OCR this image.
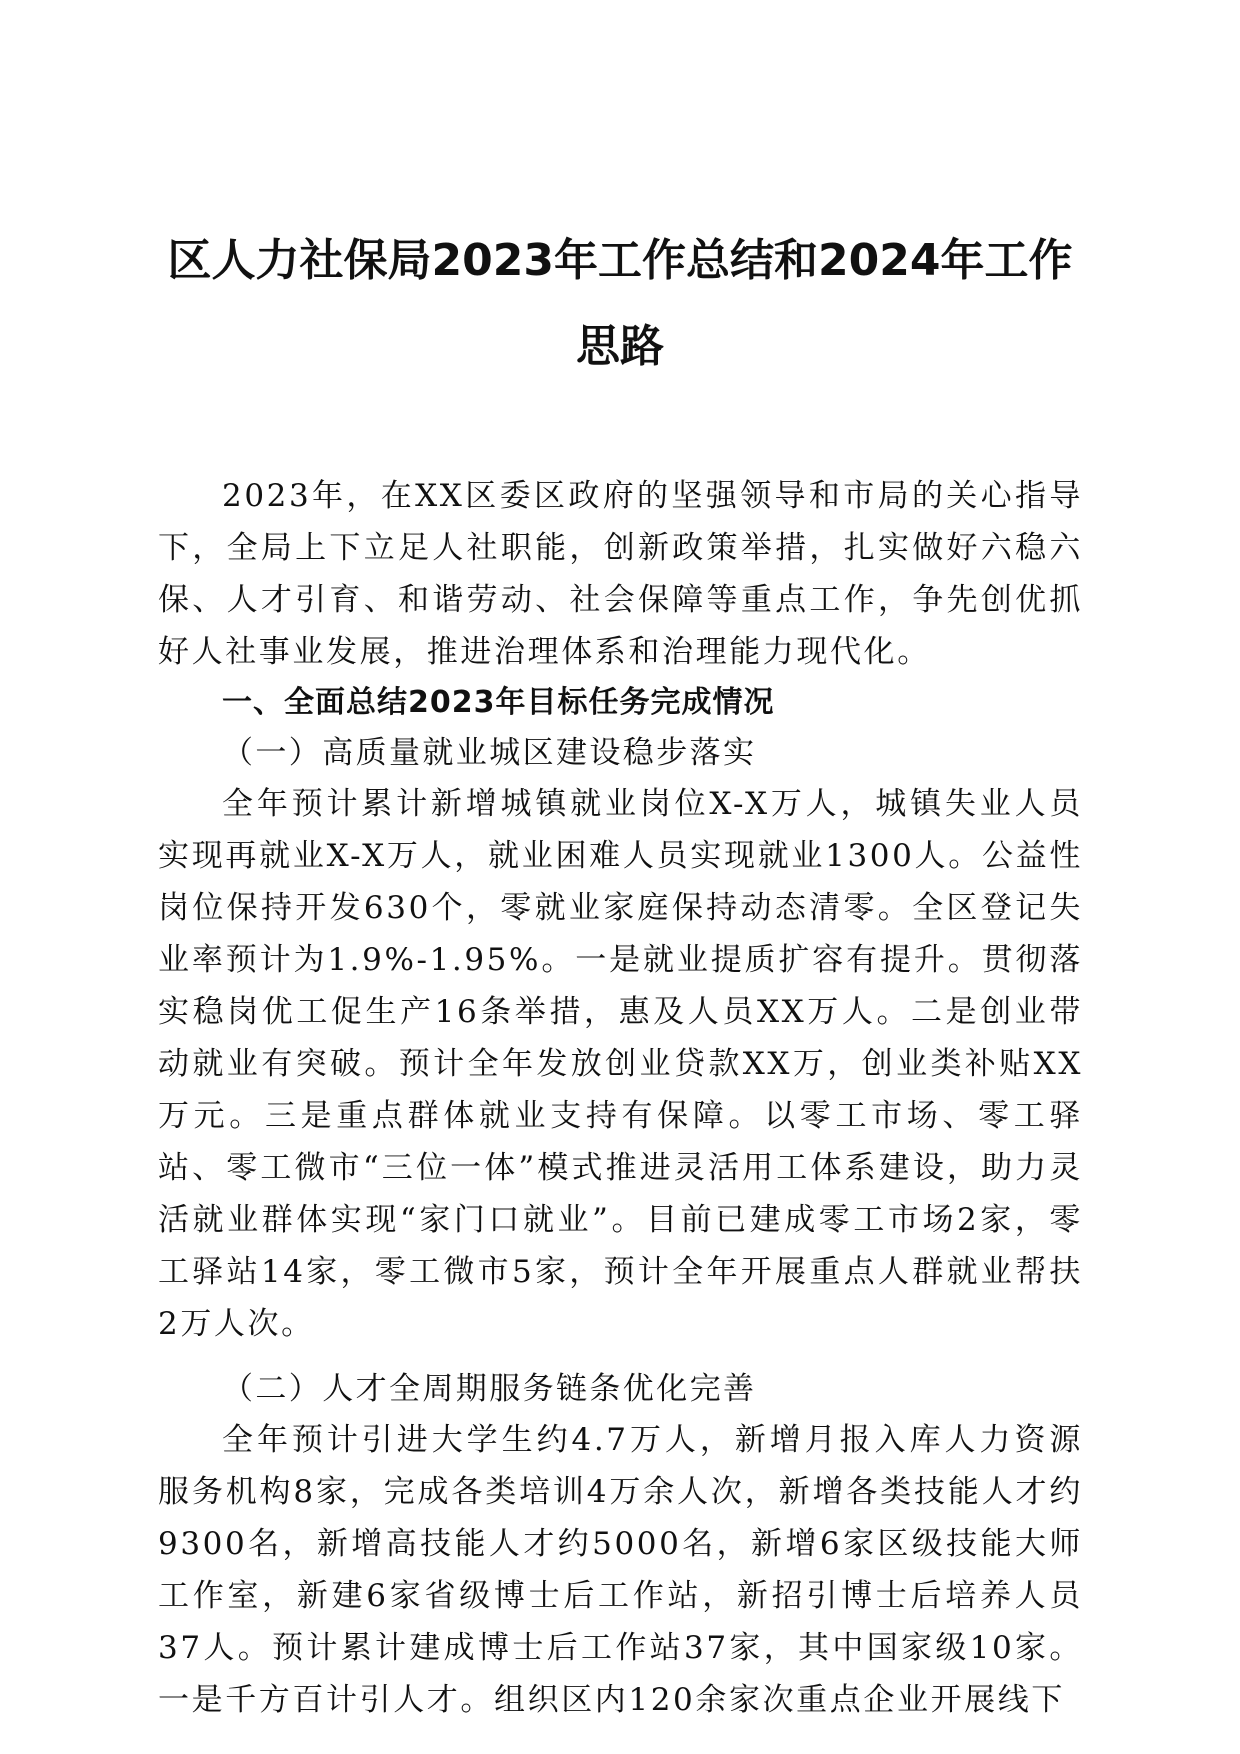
区人力社保局2023年工作总结和2024年工作
思路

2023年，在XX区委区政府的坚强领导和市局的关心指导下，全局上下立足人社职能，创新政策举措，扎实做好六稳六保、人才引育、和谐劳动、社会保障等重点工作，争先创优抓好人社事业发展，推进治理体系和治理能力现代化。

一、全面总结2023年目标任务完成情况

（一）高质量就业城区建设稳步落实

全年预计累计新增城镇就业岗位X-X万人，城镇失业人员实现再就业X-X万人，就业困难人员实现就业1300人。公益性岗位保持开发630个，零就业家庭保持动态清零。全区登记失业率预计为1.9%-1.95%。一是就业提质扩容有提升。贯彻落实稳岗优工促生产16条举措，惠及人员XX万人。二是创业带动就业有突破。预计全年发放创业贷款XX万，创业类补贴XX万元。三是重点群体就业支持有保障。以零工市场、零工驿站、零工微市“三位一体”模式推进灵活用工体系建设，助力灵活就业群体实现“家门口就业”。目前已建成零工市场2家，零工驿站14家，零工微市5家，预计全年开展重点人群就业帮扶2万人次。

（二）人才全周期服务链条优化完善

全年预计引进大学生约4.7万人，新增月报入库人力资源服务机构8家，完成各类培训4万余人次，新增各类技能人才约9300名，新增高技能人才约5000名，新增6家区级技能大师工作室，新建6家省级博士后工作站，新招引博士后培养人员37人。预计累计建成博士后工作站37家，其中国家级10家。一是千方百计引人才。组织区内120余家次重点企业开展线下
